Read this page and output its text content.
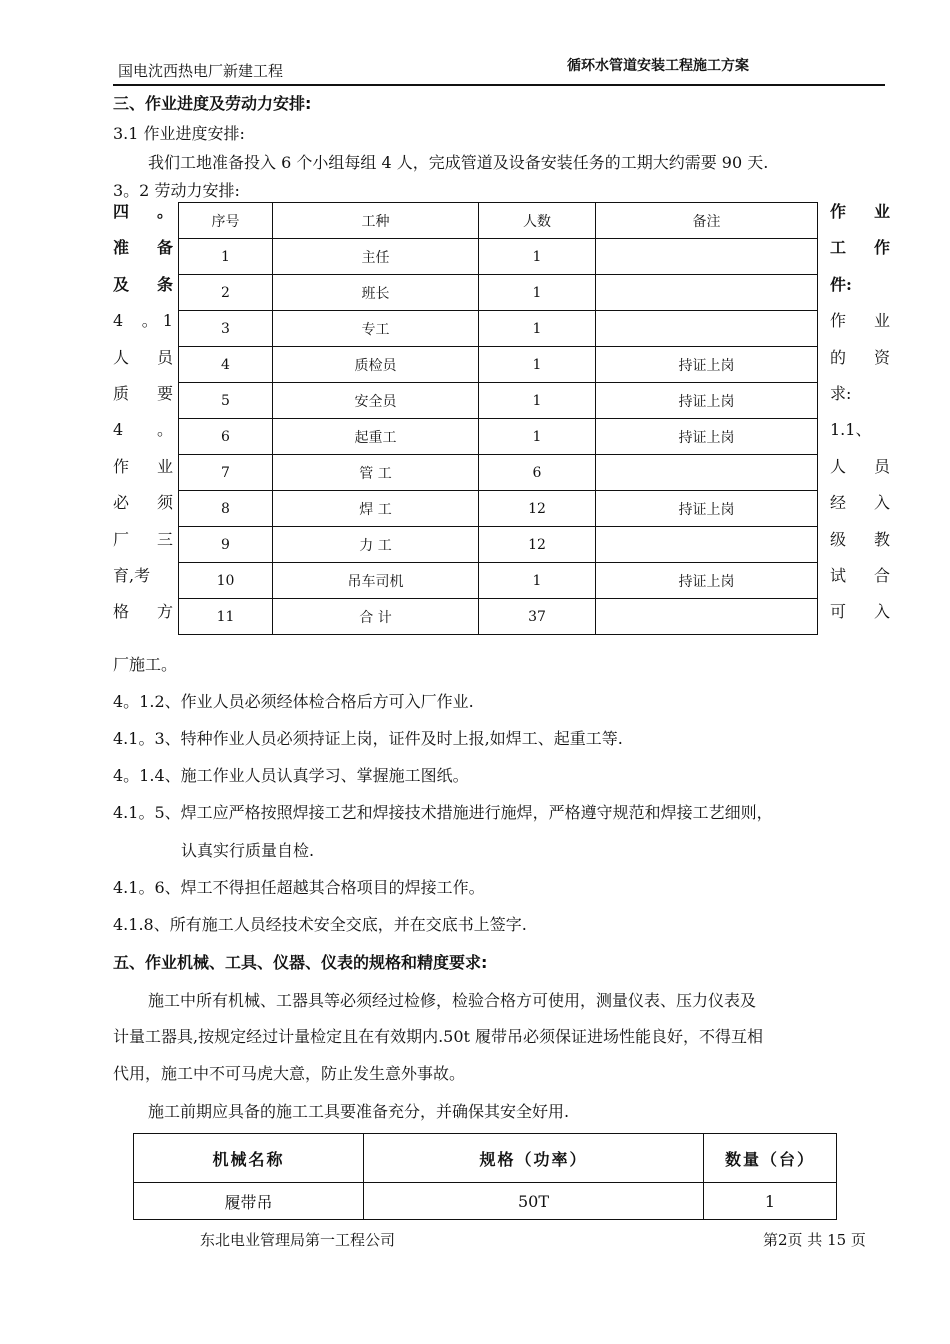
国电沈西热电厂新建工程	循环水管道安装工程施工方案
三、作业进度及劳动力安排:
3.1 作业进度安排:
我们工地准备投入 6 个小组每组 4 人，完成管道及设备安装任务的工期大约需要 90 天.
3。2 劳动力安排:
四 。
准 备
及 条
4 。 1
人 员
质 要
4 。
作 业
必 须
厂 三
育,考
格 方
序号	工种	人数	备注
1	主任	1	
2	班长	1	
3	专工	1	
4	质检员	1	持证上岗
5	安全员	1	持证上岗
6	起重工	1	持证上岗
7	管 工	6	
8	焊 工	12	持证上岗
9	力 工	12	
10	吊车司机	1	持证上岗
11	合 计	37	
作 业
工 作
件:
作 业
的 资
求:
1.1、
人 员
经 入
级 教
试 合
可 入
厂施工。
4。1.2、作业人员必须经体检合格后方可入厂作业.
4.1。3、特种作业人员必须持证上岗，证件及时上报,如焊工、起重工等.
4。1.4、施工作业人员认真学习、掌握施工图纸。
4.1。5、焊工应严格按照焊接工艺和焊接技术措施进行施焊，严格遵守规范和焊接工艺细则，
认真实行质量自检.
4.1。6、焊工不得担任超越其合格项目的焊接工作。
4.1.8、所有施工人员经技术安全交底，并在交底书上签字.
五、作业机械、工具、仪器、仪表的规格和精度要求:
施工中所有机械、工器具等必须经过检修，检验合格方可使用，测量仪表、压力仪表及
计量工器具,按规定经过计量检定且在有效期内.50t 履带吊必须保证进场性能良好，不得互相
代用，施工中不可马虎大意，防止发生意外事故。
施工前期应具备的施工工具要准备充分，并确保其安全好用.
机械名称	规格（功率）	数量（台）
履带吊	50T	1
东北电业管理局第一工程公司	第2页 共 15 页
